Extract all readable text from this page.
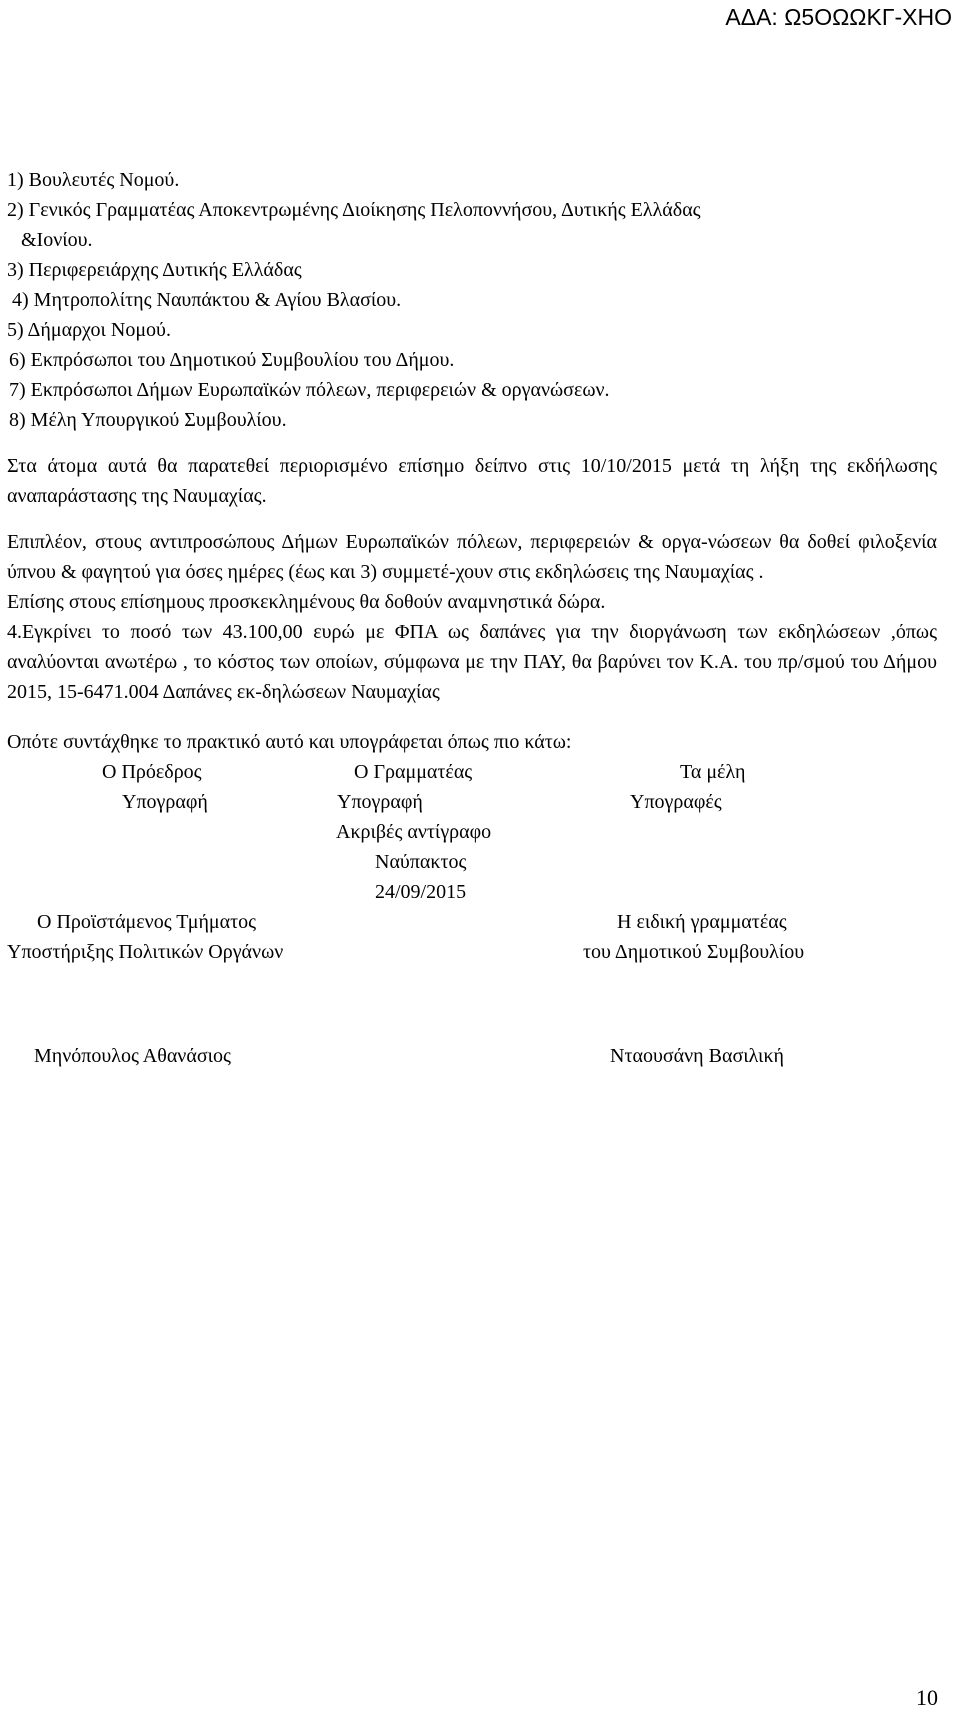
ΑΔΑ: Ω5ΟΩΩΚΓ-ΧΗΟ
1) Βουλευτές Νομού.
2) Γενικός Γραμματέας Αποκεντρωμένης Διοίκησης Πελοποννήσου, Δυτικής Ελλάδας
&Ιονίου.
3) Περιφερειάρχης Δυτικής Ελλάδας
4) Μητροπολίτης Ναυπάκτου & Αγίου Βλασίου.
5) Δήμαρχοι Νομού.
6) Εκπρόσωποι του Δημοτικού Συμβουλίου του Δήμου.
7) Εκπρόσωποι Δήμων Ευρωπαϊκών πόλεων, περιφερειών & οργανώσεων.
8) Μέλη Υπουργικού Συμβουλίου.

Στα άτομα αυτά θα παρατεθεί περιορισμένο επίσημο δείπνο στις 10/10/2015 μετά τη λήξη της εκδήλωσης αναπαράστασης της Ναυμαχίας.

Επιπλέον, στους αντιπροσώπους Δήμων Ευρωπαϊκών πόλεων, περιφερειών & οργα-νώσεων θα δοθεί φιλοξενία ύπνου & φαγητού για όσες ημέρες (έως και 3) συμμετέ-χουν στις εκδηλώσεις της Ναυμαχίας .

Επίσης στους επίσημους προσκεκλημένους θα δοθούν αναμνηστικά δώρα.

4.Εγκρίνει το ποσό των 43.100,00 ευρώ με ΦΠΑ ως δαπάνες για την διοργάνωση των εκδηλώσεων ,όπως αναλύονται ανωτέρω , το κόστος των οποίων, σύμφωνα με την ΠΑΥ, θα βαρύνει τον Κ.Α. του πρ/σμού του Δήμου 2015, 15-6471.004 Δαπάνες εκ-δηλώσεων Ναυμαχίας

Οπότε συντάχθηκε το πρακτικό αυτό και υπογράφεται όπως πιο κάτω:
Ο Πρόεδρος	Ο Γραμματέας	Τα μέλη
Υπογραφή	Υπογραφή	Υπογραφές
Ακριβές αντίγραφο
Ναύπακτος
24/09/2015
Ο Προϊστάμενος Τμήματος	Η ειδική γραμματέας
Υποστήριξης Πολιτικών Οργάνων	του Δημοτικού Συμβουλίου
Μηνόπουλος Αθανάσιος	Νταουσάνη Βασιλική
10
